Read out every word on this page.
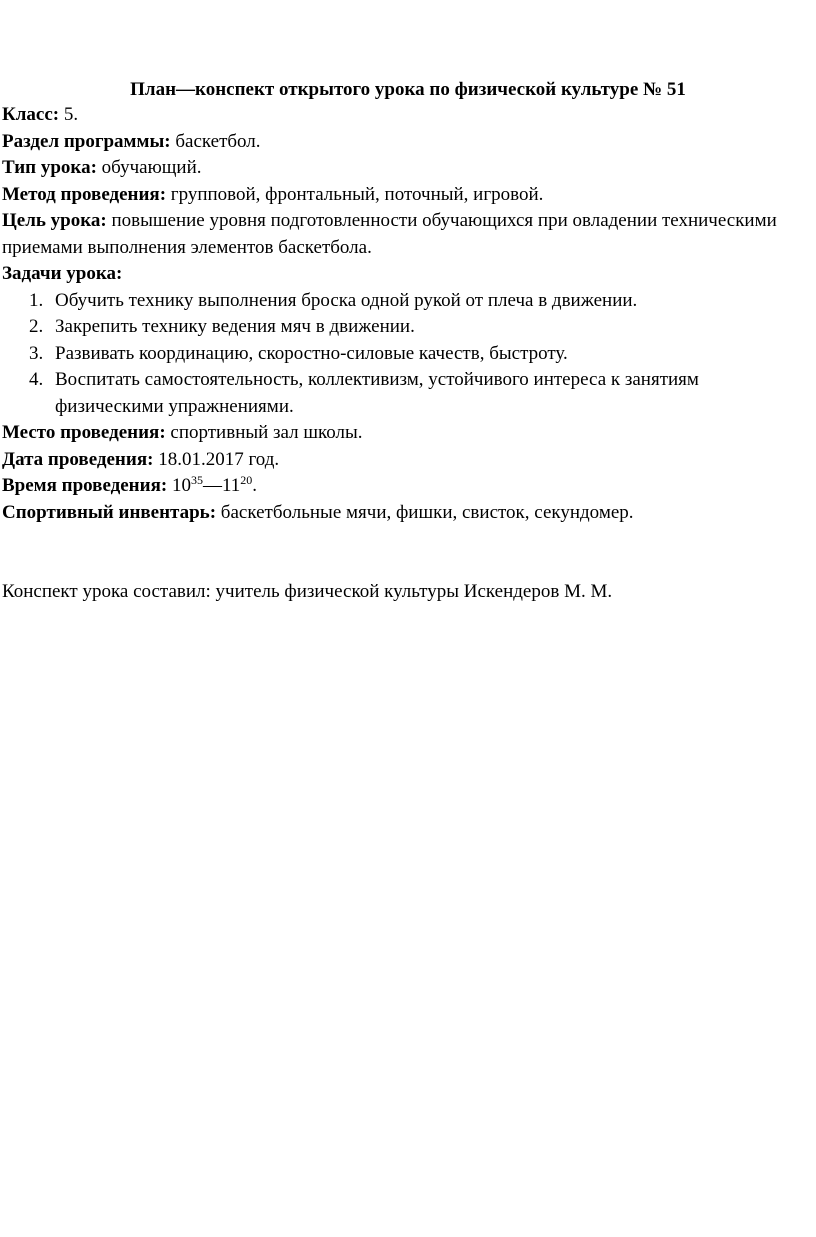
План—конспект открытого урока по физической культуре № 51
Класс: 5.
Раздел программы: баскетбол.
Тип урока: обучающий.
Метод проведения: групповой, фронтальный, поточный, игровой.
Цель урока: повышение уровня подготовленности обучающихся при овладении техническими приемами выполнения элементов баскетбола.
Задачи урока:
1. Обучить технику выполнения броска одной рукой от плеча в движении.
2. Закрепить технику ведения мяч в движении.
3. Развивать координацию, скоростно-силовые качеств, быстроту.
4. Воспитать самостоятельность, коллективизм, устойчивого интереса к занятиям физическими упражнениями.
Место проведения: спортивный зал школы.
Дата проведения: 18.01.2017 год.
Время проведения: $10^{35}—11^{20}$.
Спортивный инвентарь: баскетбольные мячи, фишки, свисток, секундомер.
Конспект урока составил: учитель физической культуры Искендеров М. М.
